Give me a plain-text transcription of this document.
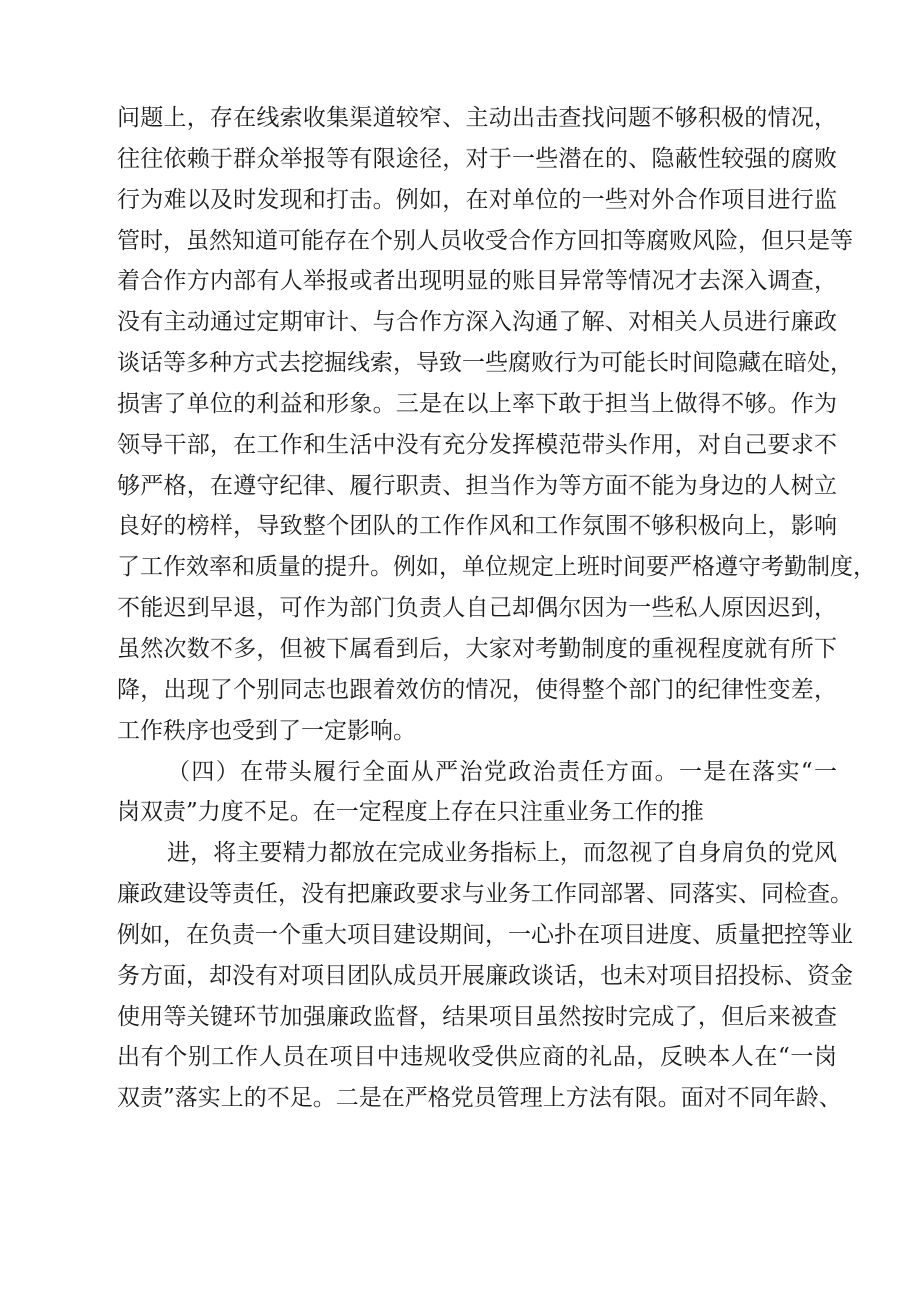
问题上，存在线索收集渠道较窄、主动出击查找问题不够积极的情况，
往往依赖于群众举报等有限途径，对于一些潜在的、隐蔽性较强的腐败
行为难以及时发现和打击。例如，在对单位的一些对外合作项目进行监
管时，虽然知道可能存在个别人员收受合作方回扣等腐败风险，但只是等
着合作方内部有人举报或者出现明显的账目异常等情况才去深入调查，
没有主动通过定期审计、与合作方深入沟通了解、对相关人员进行廉政
谈话等多种方式去挖掘线索，导致一些腐败行为可能长时间隐藏在暗处，
损害了单位的利益和形象。三是在以上率下敢于担当上做得不够。作为
领导干部，在工作和生活中没有充分发挥模范带头作用，对自己要求不
够严格，在遵守纪律、履行职责、担当作为等方面不能为身边的人树立
良好的榜样，导致整个团队的工作作风和工作氛围不够积极向上，影响
了工作效率和质量的提升。例如，单位规定上班时间要严格遵守考勤制度，
不能迟到早退，可作为部门负责人自己却偶尔因为一些私人原因迟到，
虽然次数不多，但被下属看到后，大家对考勤制度的重视程度就有所下
降，出现了个别同志也跟着效仿的情况，使得整个部门的纪律性变差，
工作秩序也受到了一定影响。
（四）在带头履行全面从严治党政治责任方面。一是在落实“一
岗双责”力度不足。在一定程度上存在只注重业务工作的推
进，将主要精力都放在完成业务指标上，而忽视了自身肩负的党风
廉政建设等责任，没有把廉政要求与业务工作同部署、同落实、同检查。
例如，在负责一个重大项目建设期间，一心扑在项目进度、质量把控等业
务方面，却没有对项目团队成员开展廉政谈话，也未对项目招投标、资金
使用等关键环节加强廉政监督，结果项目虽然按时完成了，但后来被查
出有个别工作人员在项目中违规收受供应商的礼品，反映本人在“一岗
双责”落实上的不足。二是在严格党员管理上方法有限。面对不同年龄、
